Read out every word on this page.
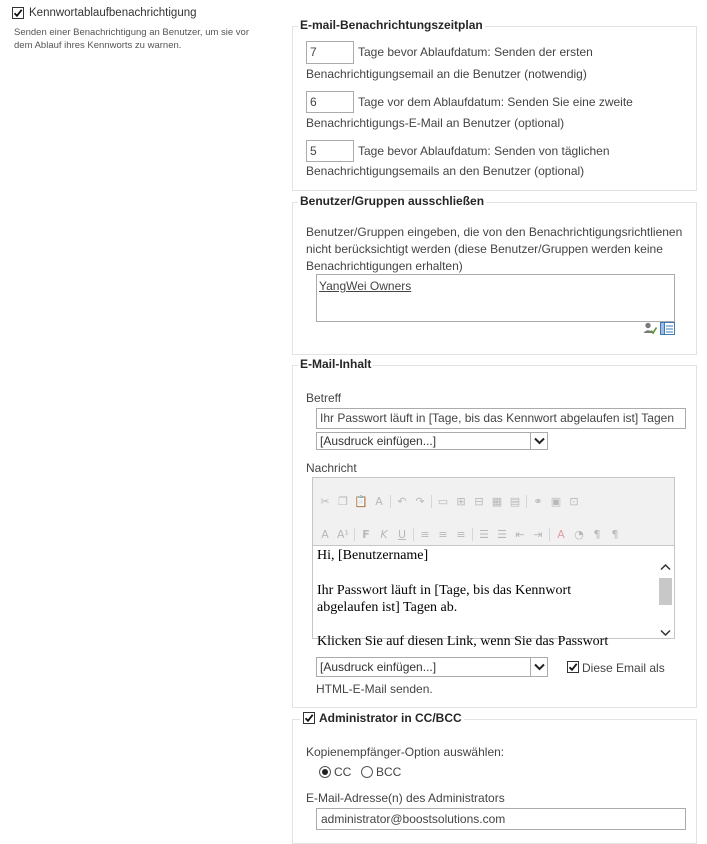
Kennwortablaufbenachrichtigung
Senden einer Benachrichtigung an Benutzer, um sie vor dem Ablauf ihres Kennworts zu warnen.
E-mail-Benachrichtungszeitplan
7	Tage bevor Ablaufdatum: Senden der ersten
Benachrichtigungsemail an die Benutzer (notwendig)
6	Tage vor dem Ablaufdatum: Senden Sie eine zweite
Benachrichtigungs-E-Mail an Benutzer (optional)
5	Tage bevor Ablaufdatum: Senden von täglichen
Benachrichtigungsemails an den Benutzer (optional)
Benutzer/Gruppen ausschließen
Benutzer/Gruppen eingeben, die von den Benachrichtigungsrichtlienen nicht berücksichtigt werden (diese Benutzer/Gruppen werden keine Benachrichtigungen erhalten)
YangWei Owners
E-Mail-Inhalt
Betreff
Ihr Passwort läuft in [Tage, bis das Kennwort abgelaufen ist] Tagen
[Ausdruck einfügen...]
Nachricht
✂ ❐ 📋 A ↶ ↷ ▭ ⊞ ⊟ ▦ ▤ ⚭ ▣ ⊡
A A¹ F K U ≡ ≡ ≡ ☰ ☰ ⇤ ⇥ A ◔ ¶	¶
Hi, [Benutzername]
Ihr Passwort läuft in [Tage, bis das Kennwort
abgelaufen ist] Tagen ab.
Klicken Sie auf diesen Link, wenn Sie das Passwort
[Ausdruck einfügen...]	Diese Email als
HTML-E-Mail senden.
Administrator in CC/BCC
Kopienempfänger-Option auswählen:
CC BCC
E-Mail-Adresse(n) des Administrators
administrator@boostsolutions.com
